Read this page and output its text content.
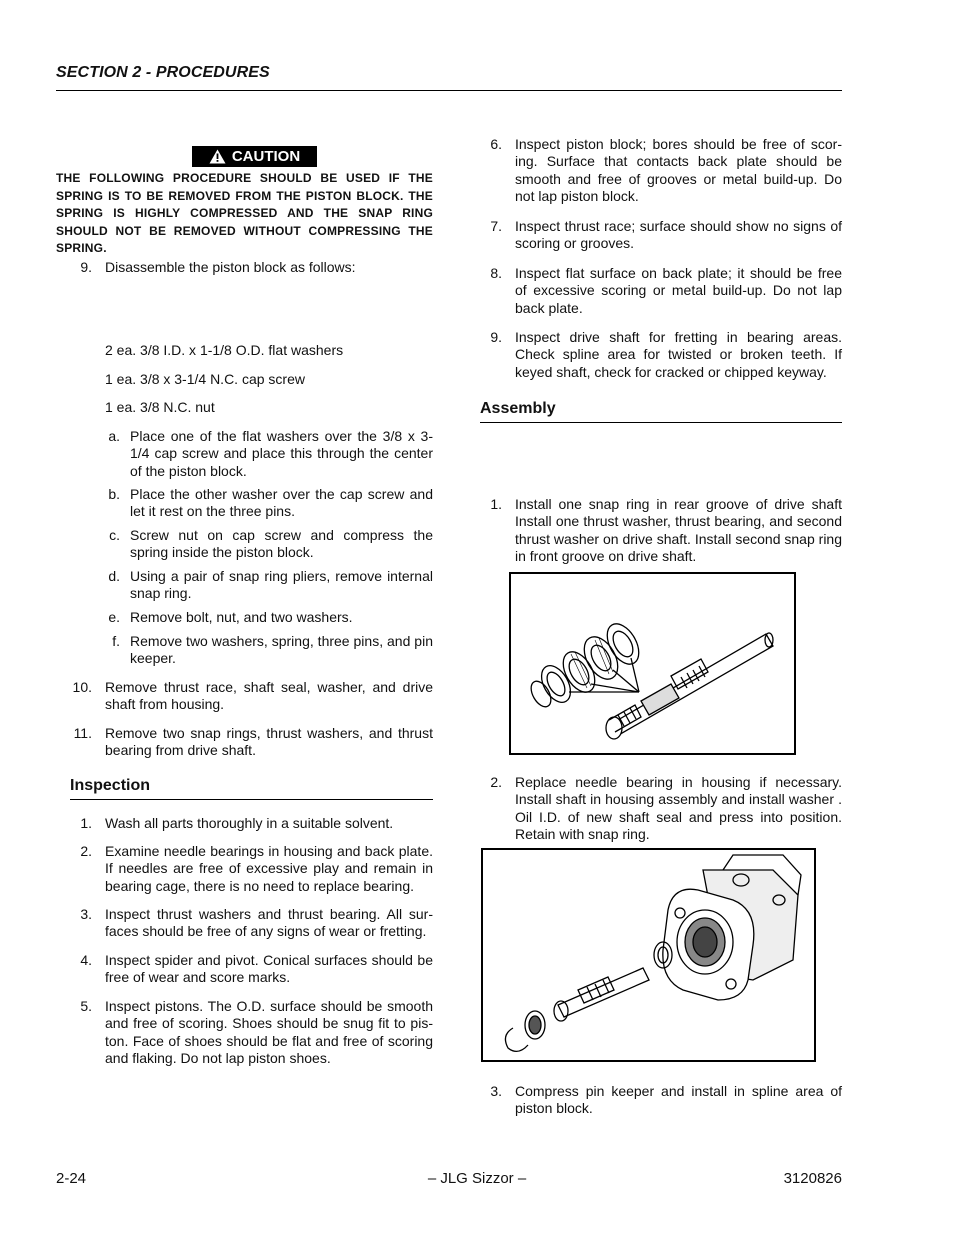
SECTION 2 - PROCEDURES
CAUTION
THE FOLLOWING PROCEDURE SHOULD BE USED IF THE SPRING IS TO BE REMOVED FROM THE PISTON BLOCK. THE SPRING IS HIGHLY COMPRESSED AND THE SNAP RING SHOULD NOT BE REMOVED WITHOUT COMPRESSING THE SPRING.
9. Disassemble the piston block as follows:
2 ea. 3/8 I.D. x 1-1/8 O.D. flat washers
1 ea. 3/8 x 3-1/4 N.C. cap screw
1 ea. 3/8 N.C. nut
a. Place one of the flat washers over the 3/8 x 3-1/4 cap screw and place this through the center of the piston block.
b. Place the other washer over the cap screw and let it rest on the three pins.
c. Screw nut on cap screw and compress the spring inside the piston block.
d. Using a pair of snap ring pliers, remove internal snap ring.
e. Remove bolt, nut, and two washers.
f. Remove two washers, spring, three pins, and pin keeper.
10. Remove thrust race, shaft seal, washer, and drive shaft from housing.
11. Remove two snap rings, thrust washers, and thrust bearing from drive shaft.
Inspection
1. Wash all parts thoroughly in a suitable solvent.
2. Examine needle bearings in housing and back plate. If needles are free of excessive play and remain in bearing cage, there is no need to replace bearing.
3. Inspect thrust washers and thrust bearing. All sur-faces should be free of any signs of wear or fretting.
4. Inspect spider and pivot. Conical surfaces should be free of wear and score marks.
5. Inspect pistons. The O.D. surface should be smooth and free of scoring. Shoes should be snug fit to pis-ton. Face of shoes should be flat and free of scoring and flaking. Do not lap piston shoes.
6. Inspect piston block; bores should be free of scor-ing. Surface that contacts back plate should be smooth and free of grooves or metal build-up. Do not lap piston block.
7. Inspect thrust race; surface should show no signs of scoring or grooves.
8. Inspect flat surface on back plate; it should be free of excessive scoring or metal build-up. Do not lap back plate.
9. Inspect drive shaft for fretting in bearing areas. Check spline area for twisted or broken teeth. If keyed shaft, check for cracked or chipped keyway.
Assembly
1. Install one snap ring in rear groove of drive shaft Install one thrust washer, thrust bearing, and second thrust washer on drive shaft. Install second snap ring in front groove on drive shaft.
2. Replace needle bearing in housing if necessary. Install shaft in housing assembly and install washer . Oil I.D. of new shaft seal and press into position. Retain with snap ring.
3. Compress pin keeper and install in spline area of piston block.
2-24	– JLG Sizzor –	3120826
